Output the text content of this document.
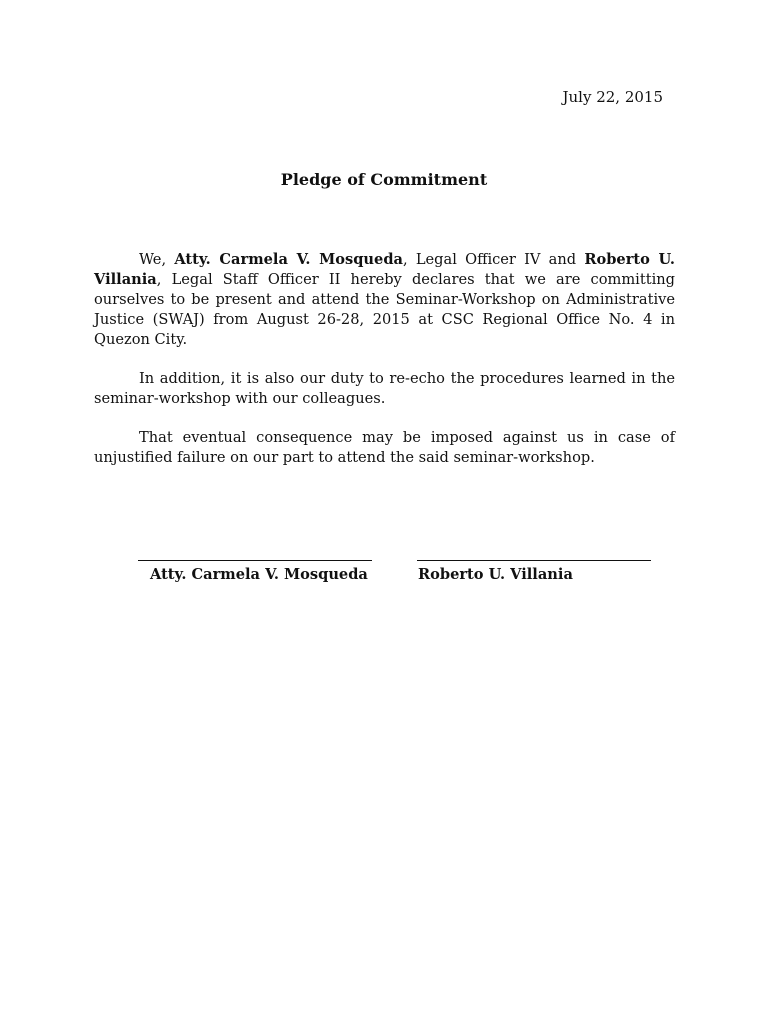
July 22, 2015
Pledge of Commitment

We, Atty. Carmela V. Mosqueda, Legal Officer IV and Roberto U. Villania, Legal Staff Officer II hereby declares that we are committing ourselves to be present and attend the Seminar-Workshop on Administrative Justice (SWAJ) from August 26-28, 2015 at CSC Regional Office No. 4 in Quezon City.

In addition, it is also our duty to re-echo the procedures learned in the seminar-workshop with our colleagues.

That eventual consequence may be imposed against us in case of unjustified failure on our part to attend the said seminar-workshop.

Atty. Carmela V. Mosqueda	Roberto U. Villania
